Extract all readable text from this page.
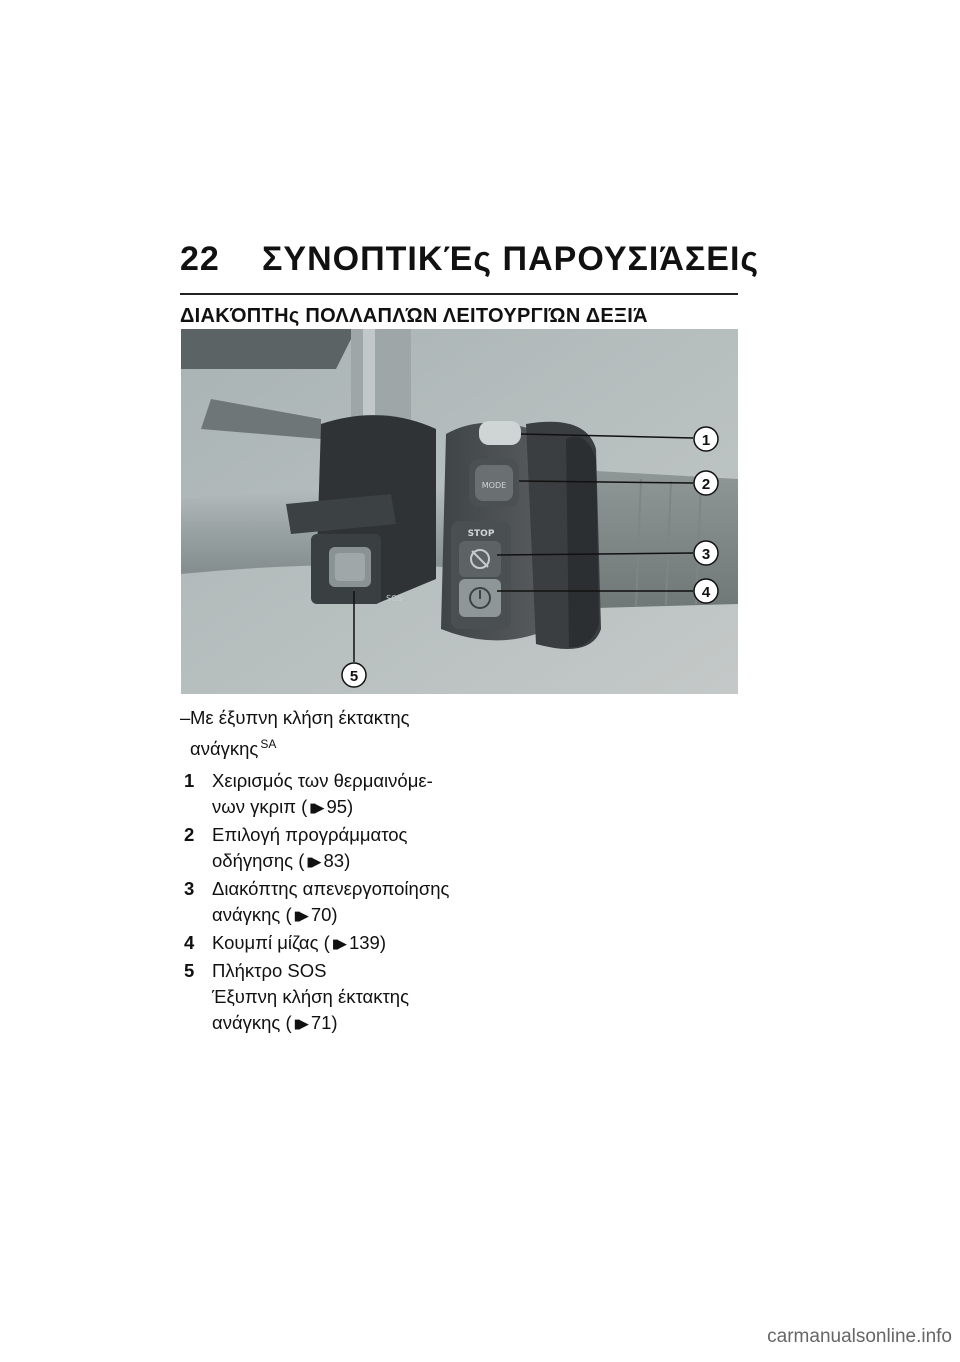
22 ΣΥΝΟΠΤΙΚΈς ΠΑΡΟΥΣΙΆΣΕΙς
ΔΙΑΚΌΠΤΗς ΠΟΛΛΑΠΛΏΝ ΛΕΙΤΟΥΡΓΙΏΝ ΔΕΞΙΆ
SOS
MODE
STOP
1
2
3
4
5
– Με έξυπνη κλήση έκτακτης
ανάγκης $^{SA}$
1 Χειρισμός των θερμαινόμε-
νων γκριπ ( ▮▶ 95)
2 Επιλογή προγράμματος
οδήγησης ( ▮▶ 83)
3 Διακόπτης απενεργοποίησης
ανάγκης ( ▮▶ 70)
4 Κουμπί μίζας ( ▮▶ 139)
5 Πλήκτρο SOS
Έξυπνη κλήση έκτακτης
ανάγκης ( ▮▶ 71)
carmanualsonline.info
